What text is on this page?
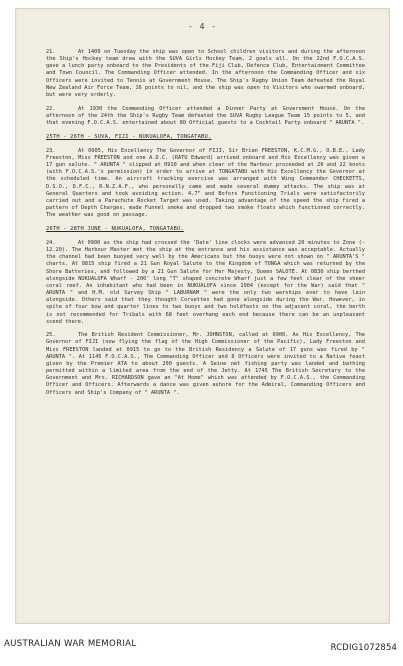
- 4 -
21.	At 1400 on Tuesday the ship was open to School children visitors and during the afternoon the Ship's Hockey team drew with the SUVA Girls Hockey Team, 2 goals all. On the 22nd F.O.C.A.S. gave a lunch party onboard to the Presidents of the Fiji Club, Defence Club, Entertainment Committee and Town Council. The Commanding Officer attended. In the afternoon the Commanding Officer and six Officers were invited to Tennis at Government House. The Ship's Rugby Union Team defeated the Royal New Zealand Air Force Team, 16 points to nil, and the ship was open to Visitors who swarmed onboard, but were very orderly.
22.	At 1930 the Commanding Officer attended a Dinner Party at Government House. On the afternoon of the 24th the Ship's Rugby Team defeated the SUVA Rugby League Team 15 points to 5, and that evening F.O.C.A.S. entertained about 80 Official guests to a Cocktail Party onboard " ARUNTA ".
25TH - 26TH - SUVA, FIJI - NUKUALOFA, TONGATABU.
23.	At 0905, His Excellency The Governor of FIJI, Sir Brian FREESTON, K.C.M.G., O.B.E., Lady Freeston, Miss FREESTON and one A.D.C. (RATU Edward) arrived onboard and His Excellency was given a 17 gun salute. " ARUNTA " slipped at 0910 and when clear of the Harbour proceeded at 20 and 22 knots (with F.O.C.A.S.'s permission) in order to arrive at TONGATABU with His Excellency the Governor at the scheduled time. An aircraft tracking exercise was arranged with Wing Commander CHECKETTS, D.S.O., D.F.C., R.N.Z.A.F., who personally came and made several dummy attacks. The ship was at General Quarters and took avoiding action. 4.7" and Bofors Functioning Trials were satisfactorily carried out and a Parachute Rocket Target was used. Taking advantage of the speed the ship fired a pattern of Depth Charges, made Funnel smoke and dropped two smoke floats which functioned correctly. The weather was good on passage.
26TH - 28TH JUNE - NUKUALOFA, TONGATABU.
24.	At 0900 as the ship had crossed the 'Date' line clocks were advanced 20 minutes to Zone (- 12.20). The Harbour Master met the ship at the entrance and his assistance was acceptable. Actually the channel had been buoyed very well by the Americans but the buoys were not shown on " ARUNTA'S " charts. At 0815 ship fired a 21 Gun Royal Salute to the Kingdom of TONGA which was returned by the Shore Batteries, and followed by a 21 Gun Salute for Her Majesty, Queen SALOTE. At 0830 ship berthed alongside NUKUALOFA Wharf - 200' long "T" shaped concrete Wharf just a few feet clear of the sheer coral reef. An inhabitant who had been in NUKUALOFA since 1904 (except for the War) said that " ARUNTA " and H.M. old Survey Ship " LABURNAM " were the only two warships ever to have lain alongside. Others said that they thought Corvettes had gone alongside during the War. However, in spite of four bow and quarter lines to two buoys and two holdfasts on the adjacent coral, the berth is not recommended for Tribals with 68 feet overhang each end because there can be an unpleasant scend there.
25.	The British Resident Commissioner, Mr. JOHNSTON, called at 0900. As His Excellency, The Governor of FIJI (now flying the flag of the High Commissioner of the Pacific), Lady Freeston and Miss FREESTON landed at 0915 to go to the British Residency a Salute of 17 guns was fired by " ARUNTA ". At 1145 F.O.C.A.S., The Commanding Officer and 8 Officers were invited to a Native feast given by the Premier ATA to about 200 guests. A Seine net fishing party was landed and bathing permitted within a limited area from the end of the Jetty. At 1745 The British Secretary to the Government and Mrs. RICHARDSON gave an "At Home" which was attended by F.O.C.A.S., the Commanding Officer and Officers. Afterwards a dance was given ashore for the Admiral, Commanding Officers and Officers and Ship's Company of " ARUNTA ".
AUSTRALIAN WAR MEMORIAL	RCDIG1072854
